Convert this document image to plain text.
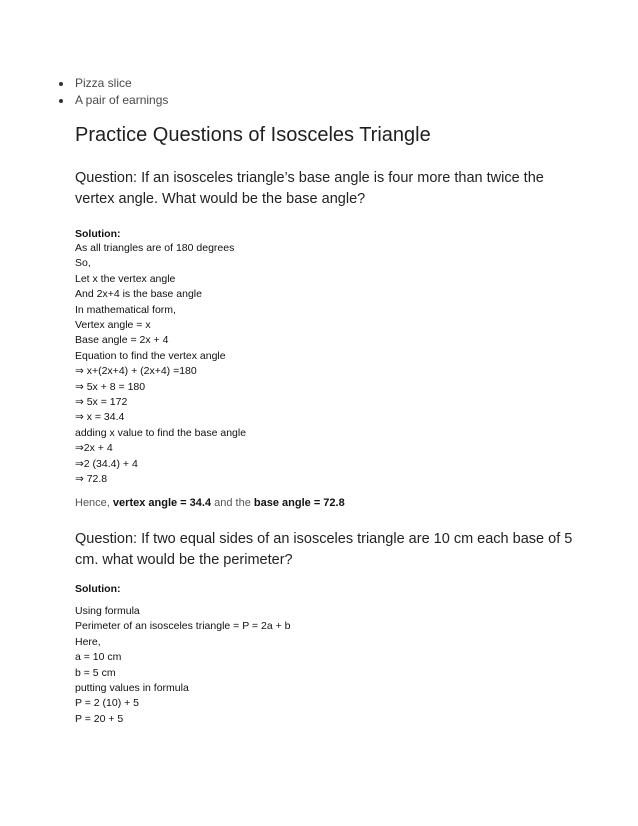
Pizza slice
A pair of earnings
Practice Questions of Isosceles Triangle

Question: If an isosceles triangle’s base angle is four more than twice the vertex angle. What would be the base angle?

Solution:

As all triangles are of 180 degrees
So,
Let x the vertex angle
And 2x+4 is the base angle
In mathematical form,
Vertex angle = x
Base angle = 2x + 4
Equation to find the vertex angle
⇒ x+(2x+4) + (2x+4) =180
⇒ 5x + 8 = 180
⇒ 5x = 172
⇒ x = 34.4
adding x value to find the base angle
⇒2x + 4
⇒2 (34.4) + 4
⇒ 72.8

Hence, vertex angle = 34.4 and the base angle = 72.8

Question: If two equal sides of an isosceles triangle are 10 cm each base of 5 cm. what would be the perimeter?

Solution:

Using formula
Perimeter of an isosceles triangle = P = 2a + b
Here,
a = 10 cm
b = 5 cm
putting values in formula
P = 2 (10) + 5
P = 20 + 5
